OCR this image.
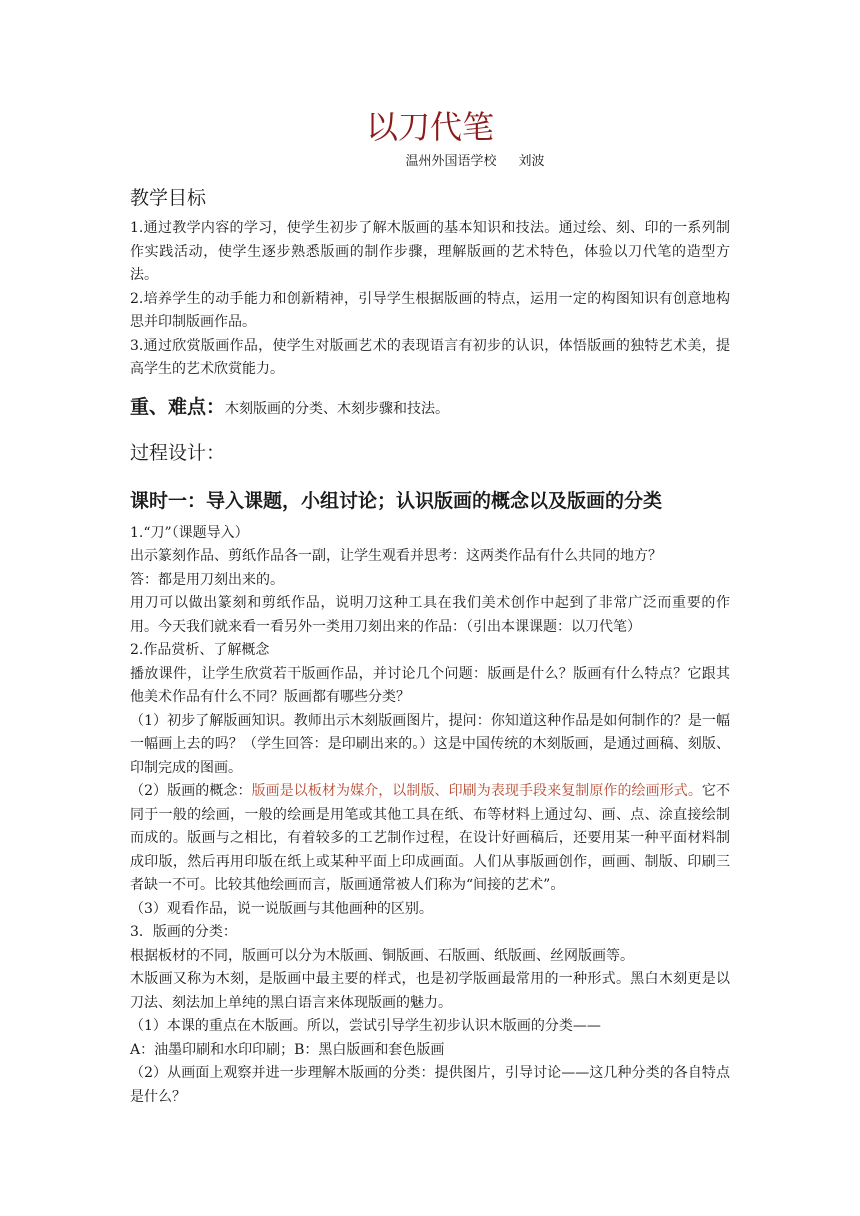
以刀代笔
温州外国语学校 刘波
教学目标

1.通过教学内容的学习，使学生初步了解木版画的基本知识和技法。通过绘、刻、印的一系列制作实践活动，使学生逐步熟悉版画的制作步骤，理解版画的艺术特色，体验以刀代笔的造型方法。

2.培养学生的动手能力和创新精神，引导学生根据版画的特点，运用一定的构图知识有创意地构思并印制版画作品。

3.通过欣赏版画作品，使学生对版画艺术的表现语言有初步的认识，体悟版画的独特艺术美，提高学生的艺术欣赏能力。

重、难点：木刻版画的分类、木刻步骤和技法。
过程设计：
课时一：导入课题，小组讨论；认识版画的概念以及版画的分类

1.“刀”（课题导入）

出示篆刻作品、剪纸作品各一副，让学生观看并思考：这两类作品有什么共同的地方？

答：都是用刀刻出来的。

用刀可以做出篆刻和剪纸作品，说明刀这种工具在我们美术创作中起到了非常广泛而重要的作用。今天我们就来看一看另外一类用刀刻出来的作品：（引出本课课题：以刀代笔）

2.作品赏析、了解概念

播放课件，让学生欣赏若干版画作品，并讨论几个问题：版画是什么？版画有什么特点？它跟其他美术作品有什么不同？版画都有哪些分类？

（1）初步了解版画知识。教师出示木刻版画图片，提问：你知道这种作品是如何制作的？是一幅一幅画上去的吗？（学生回答：是印刷出来的。）这是中国传统的木刻版画，是通过画稿、刻版、印制完成的图画。

（2）版画的概念：版画是以板材为媒介，以制版、印刷为表现手段来复制原作的绘画形式。它不同于一般的绘画，一般的绘画是用笔或其他工具在纸、布等材料上通过勾、画、点、涂直接绘制而成的。版画与之相比，有着较多的工艺制作过程，在设计好画稿后，还要用某一种平面材料制成印版，然后再用印版在纸上或某种平面上印成画面。人们从事版画创作，画画、制版、印刷三者缺一不可。比较其他绘画而言，版画通常被人们称为“间接的艺术”。

（3）观看作品，说一说版画与其他画种的区别。

3．版画的分类：

根据板材的不同，版画可以分为木版画、铜版画、石版画、纸版画、丝网版画等。

木版画又称为木刻，是版画中最主要的样式，也是初学版画最常用的一种形式。黑白木刻更是以刀法、刻法加上单纯的黑白语言来体现版画的魅力。

（1）本课的重点在木版画。所以，尝试引导学生初步认识木版画的分类——

A：油墨印刷和水印印刷；B：黑白版画和套色版画

（2）从画面上观察并进一步理解木版画的分类：提供图片，引导讨论——这几种分类的各自特点是什么？
